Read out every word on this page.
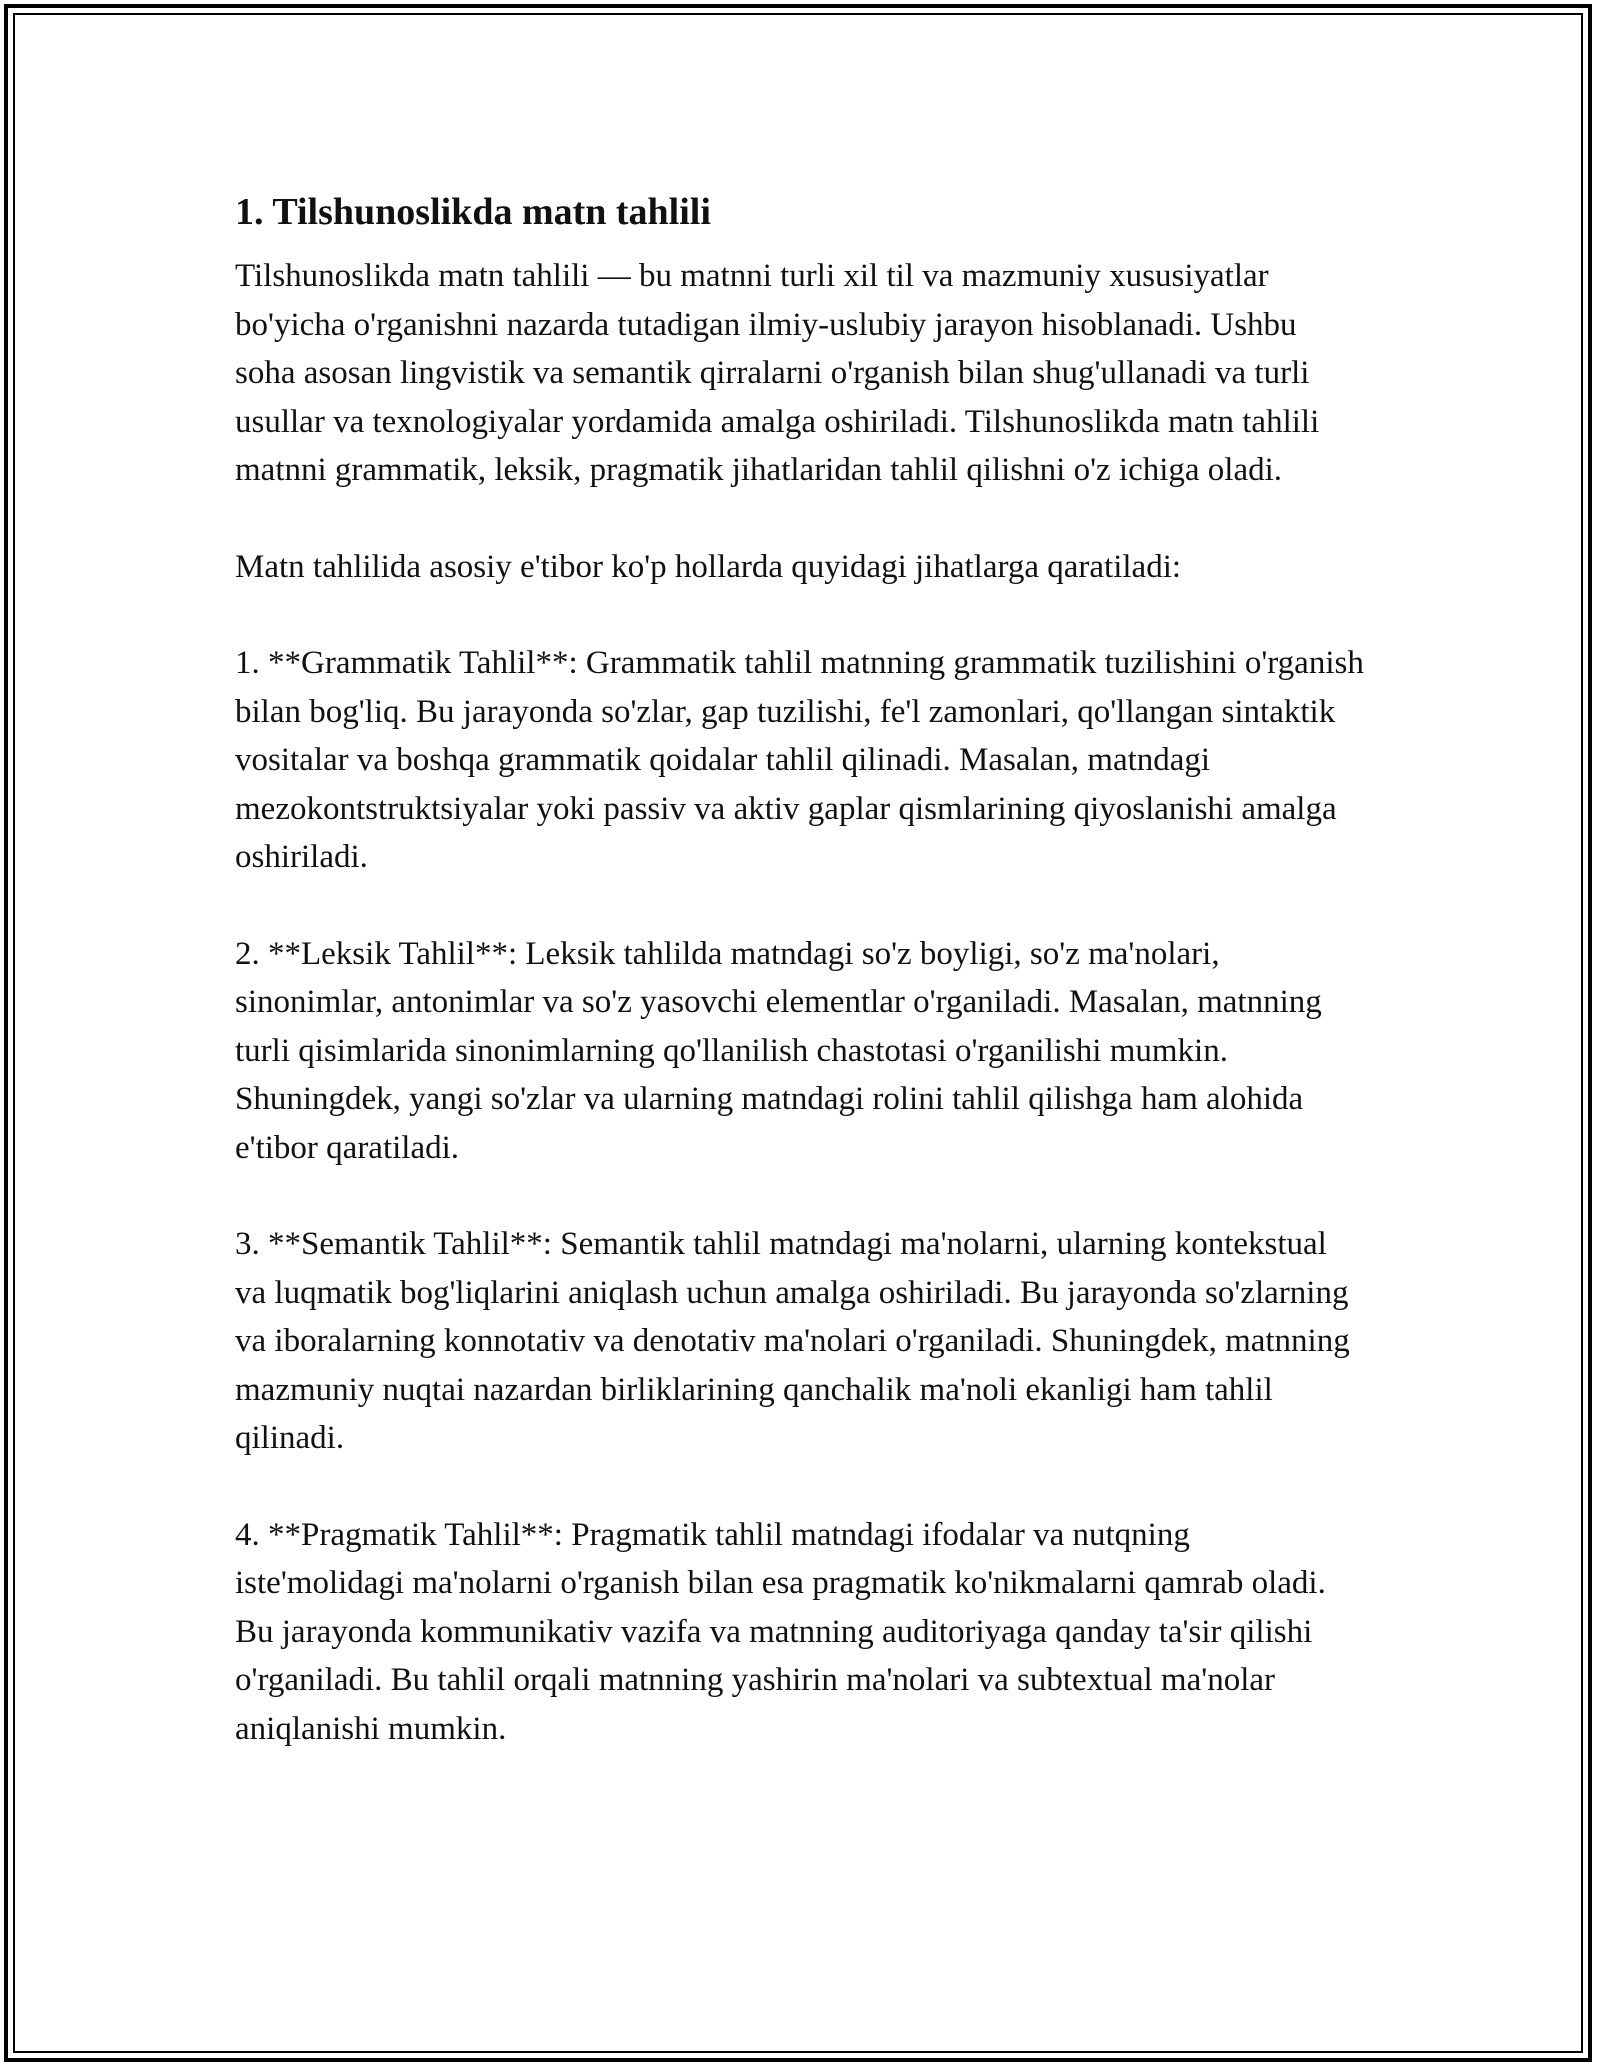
1. Tilshunoslikda matn tahlili

Tilshunoslikda matn tahlili — bu matnni turli xil til va mazmuniy xususiyatlar bo'yicha o'rganishni nazarda tutadigan ilmiy-uslubiy jarayon hisoblanadi. Ushbu soha asosan lingvistik va semantik qirralarni o'rganish bilan shug'ullanadi va turli usullar va texnologiyalar yordamida amalga oshiriladi. Tilshunoslikda matn tahlili matnni grammatik, leksik, pragmatik jihatlaridan tahlil qilishni o'z ichiga oladi.

Matn tahlilida asosiy e'tibor ko'p hollarda quyidagi jihatlarga qaratiladi:

1. **Grammatik Tahlil**: Grammatik tahlil matnning grammatik tuzilishini o'rganish bilan bog'liq. Bu jarayonda so'zlar, gap tuzilishi, fe'l zamonlari, qo'llangan sintaktik vositalar va boshqa grammatik qoidalar tahlil qilinadi. Masalan, matndagi mezokontstruktsiyalar yoki passiv va aktiv gaplar qismlarining qiyoslanishi amalga oshiriladi.

2. **Leksik Tahlil**: Leksik tahlilda matndagi so'z boyligi, so'z ma'nolari, sinonimlar, antonimlar va so'z yasovchi elementlar o'rganiladi. Masalan, matnning turli qisimlarida sinonimlarning qo'llanilish chastotasi o'rganilishi mumkin. Shuningdek, yangi so'zlar va ularning matndagi rolini tahlil qilishga ham alohida e'tibor qaratiladi.

3. **Semantik Tahlil**: Semantik tahlil matndagi ma'nolarni, ularning kontekstual va luqmatik bog'liqlarini aniqlash uchun amalga oshiriladi. Bu jarayonda so'zlarning va iboralarning konnotativ va denotativ ma'nolari o'rganiladi. Shuningdek, matnning mazmuniy nuqtai nazardan birliklarining qanchalik ma'noli ekanligi ham tahlil qilinadi.

4. **Pragmatik Tahlil**: Pragmatik tahlil matndagi ifodalar va nutqning iste'molidagi ma'nolarni o'rganish bilan esa pragmatik ko'nikmalarni qamrab oladi. Bu jarayonda kommunikativ vazifa va matnning auditoriyaga qanday ta'sir qilishi o'rganiladi. Bu tahlil orqali matnning yashirin ma'nolari va subtextual ma'nolar aniqlanishi mumkin.
